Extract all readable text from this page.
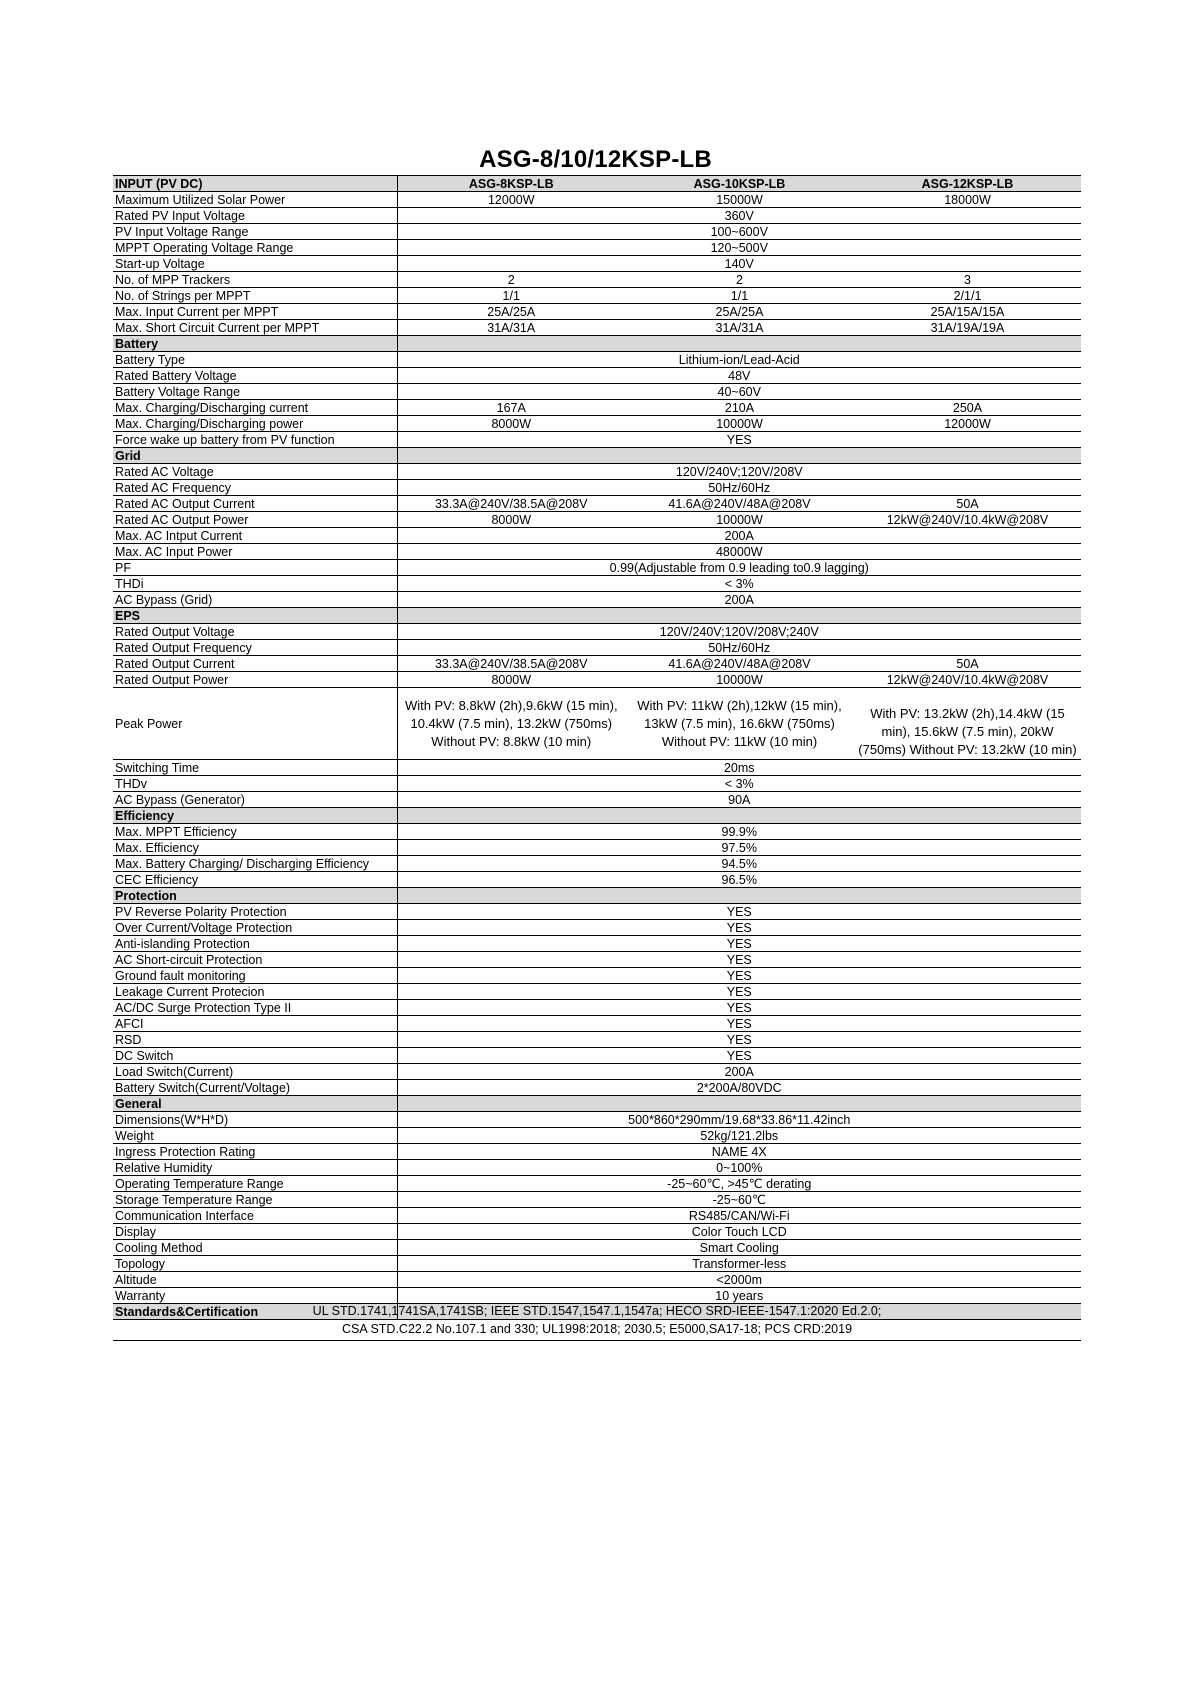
ASG-8/10/12KSP-LB
INPUT (PV DC)	ASG-8KSP-LB	ASG-10KSP-LB	ASG-12KSP-LB
Maximum Utilized Solar Power	12000W	15000W	18000W
Rated PV Input Voltage	360V		
PV Input Voltage Range	100~600V		
MPPT Operating Voltage Range	120~500V		
Start-up Voltage	140V		
No. of MPP Trackers	2	2	3
No. of Strings per MPPT	1/1	1/1	2/1/1
Max. Input Current per MPPT	25A/25A	25A/25A	25A/15A/15A
Max. Short Circuit Current per MPPT	31A/31A	31A/31A	31A/19A/19A
Battery			
Battery Type	Lithium-ion/Lead-Acid		
Rated Battery Voltage	48V		
Battery Voltage Range	40~60V		
Max. Charging/Discharging current	167A	210A	250A
Max. Charging/Discharging power	8000W	10000W	12000W
Force wake up battery from PV function	YES		
Grid			
Rated AC Voltage	120V/240V;120V/208V		
Rated AC Frequency	50Hz/60Hz		
Rated AC Output Current	33.3A@240V/38.5A@208V	41.6A@240V/48A@208V	50A
Rated AC Output Power	8000W	10000W	12kW@240V/10.4kW@208V
Max. AC Intput Current	200A		
Max. AC Input Power	48000W		
PF	0.99(Adjustable from 0.9 leading to0.9 lagging)		
THDi	< 3%		
AC Bypass (Grid)	200A		
EPS			
Rated Output Voltage	120V/240V;120V/208V;240V		
Rated Output Frequency	50Hz/60Hz		
Rated Output Current	33.3A@240V/38.5A@208V	41.6A@240V/48A@208V	50A
Rated Output Power	8000W	10000W	12kW@240V/10.4kW@208V
Peak Power	With PV: 8.8kW (2h),9.6kW (15 min), 10.4kW (7.5 min), 13.2kW (750ms) Without PV: 8.8kW (10 min)	With PV: 11kW (2h),12kW (15 min), 13kW (7.5 min), 16.6kW (750ms) Without PV: 11kW (10 min)	With PV: 13.2kW (2h),14.4kW (15 min), 15.6kW (7.5 min), 20kW (750ms) Without PV: 13.2kW (10 min)
Switching Time	20ms		
THDv	< 3%		
AC Bypass (Generator)	90A		
Efficiency			
Max. MPPT Efficiency	99.9%		
Max. Efficiency	97.5%		
Max. Battery Charging/ Discharging Efficiency	94.5%		
CEC Efficiency	96.5%		
Protection			
PV Reverse Polarity Protection	YES		
Over Current/Voltage Protection	YES		
Anti-islanding Protection	YES		
AC Short-circuit Protection	YES		
Ground fault monitoring	YES		
Leakage Current Protecion	YES		
AC/DC Surge Protection Type II	YES		
AFCI	YES		
RSD	YES		
DC Switch	YES		
Load Switch(Current)	200A		
Battery Switch(Current/Voltage)	2*200A/80VDC		
General			
Dimensions(W*H*D)	500*860*290mm/19.68*33.86*11.42inch		
Weight	52kg/121.2lbs		
Ingress Protection Rating	NAME 4X		
Relative Humidity	0~100%		
Operating Temperature Range	-25~60℃, >45℃ derating		
Storage Temperature Range	-25~60℃		
Communication Interface	RS485/CAN/Wi-Fi		
Display	Color Touch LCD		
Cooling Method	Smart Cooling		
Topology	Transformer-less		
Altitude	<2000m		
Warranty	10 years		
Standards&Certification				UL STD.1741,1741SA,1741SB; IEEE STD.1547,1547.1,1547a; HECO SRD-IEEE-1547.1:2020 Ed.2.0;
CSA STD.C22.2 No.107.1 and 330; UL1998:2018; 2030.5; E5000,SA17-18; PCS CRD:2019
